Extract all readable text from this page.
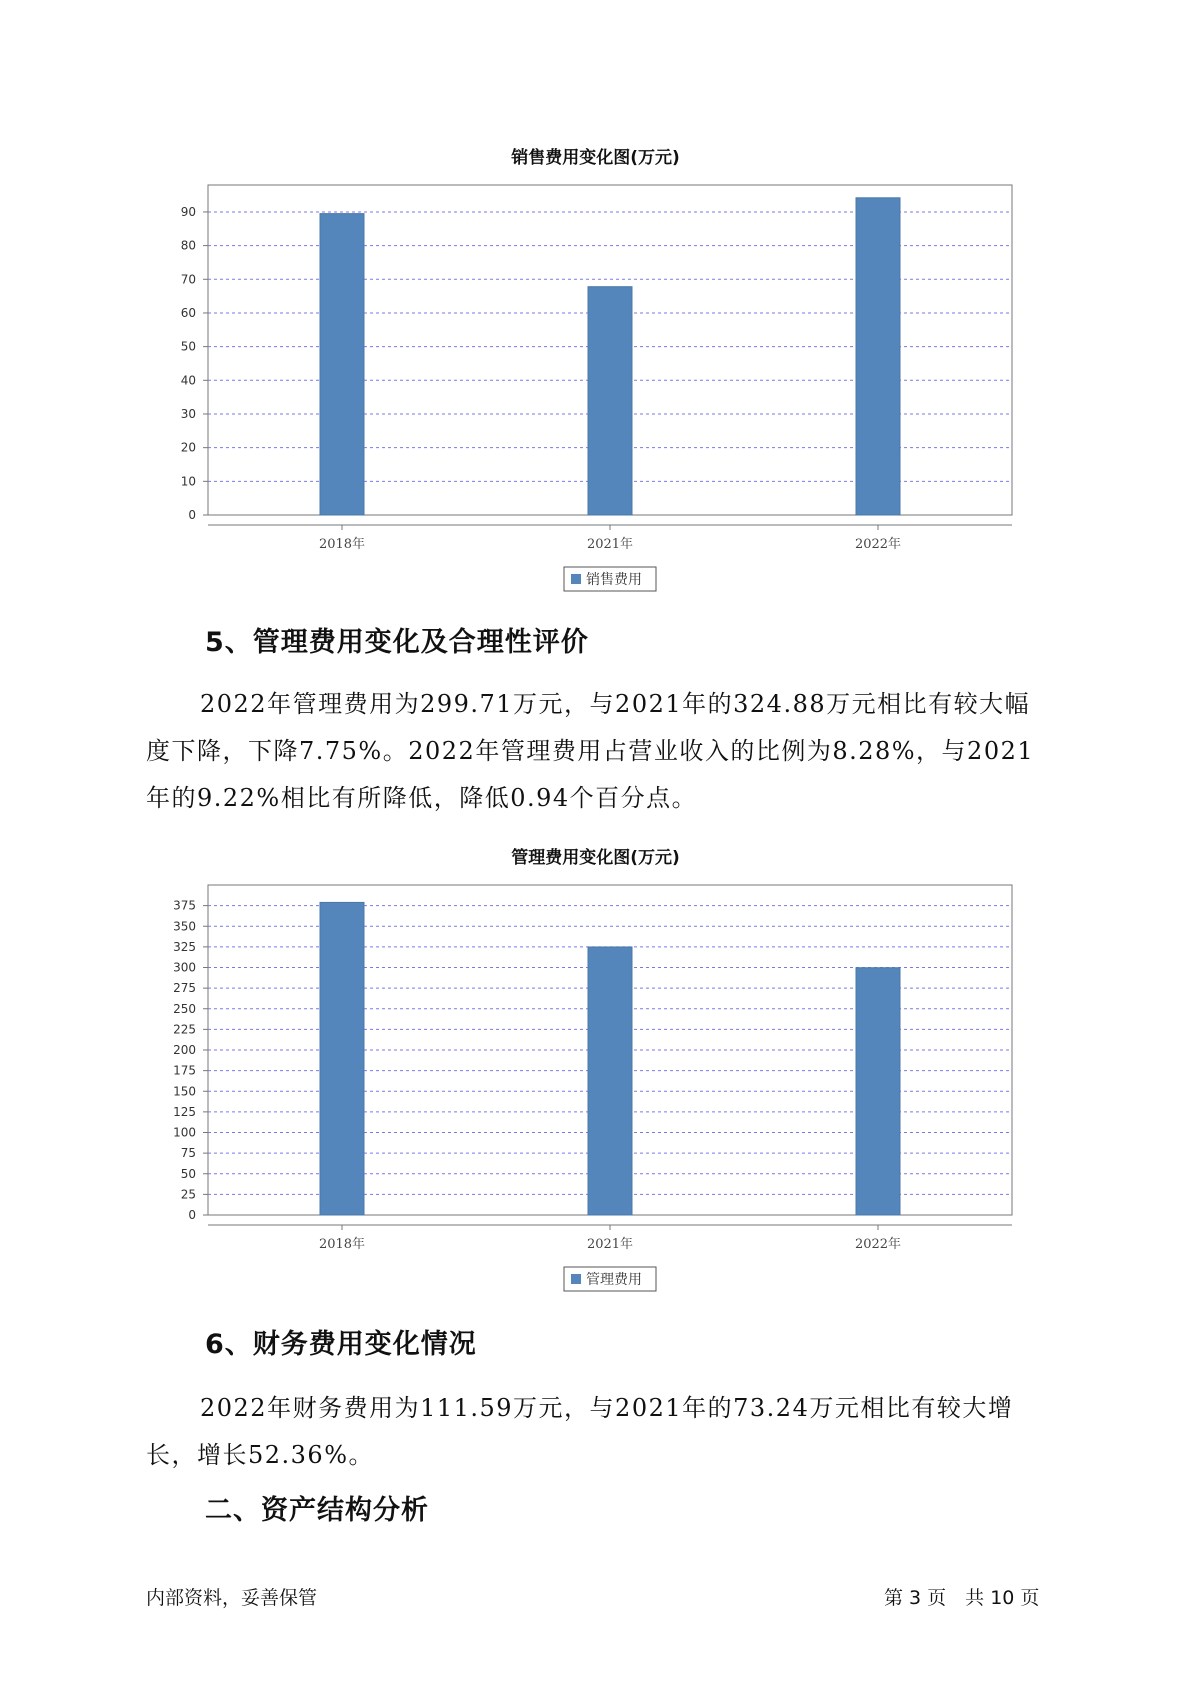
销售费用变化图(万元)
0
10
20
30
40
50
60
70
80
90
2018年	2021年	2022年
销售费用
5、管理费用变化及合理性评价

2022年管理费用为299.71万元，与2021年的324.88万元相比有较大幅度下降，下降7.75%。2022年管理费用占营业收入的比例为8.28%，与2021年的9.22%相比有所降低，降低0.94个百分点。

管理费用变化图(万元)
0
25
50
75
100
125
150
175
200
225
250
275
300
325
350
375
2018年	2021年	2022年
管理费用
6、财务费用变化情况

2022年财务费用为111.59万元，与2021年的73.24万元相比有较大增长，增长52.36%。

二、资产结构分析
内部资料，妥善保管	第 3 页　共 10 页
